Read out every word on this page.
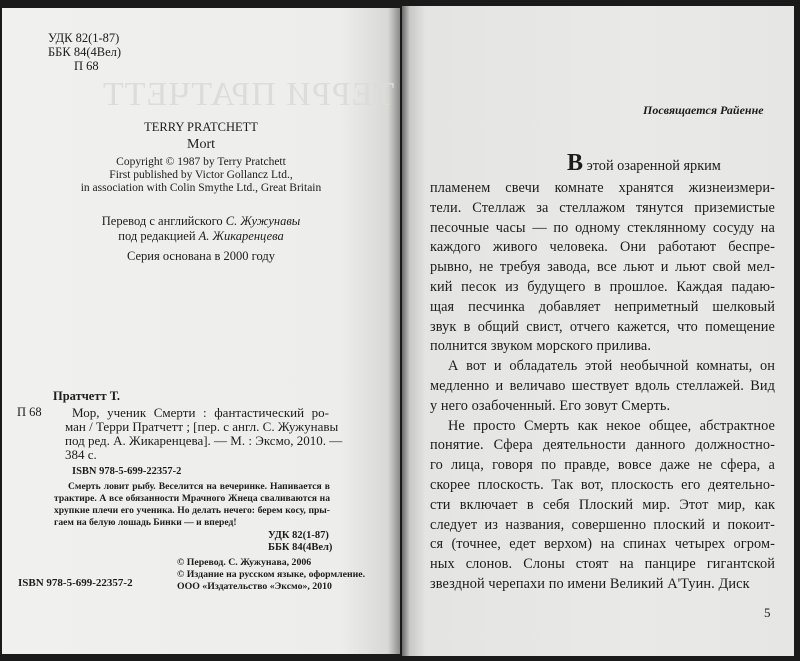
ТЕРРИ ПРАТЧЕТТ
УДК 82(1-87)
ББК 84(4Вел)
П 68
TERRY PRATCHETT
Mort
Copyright © 1987 by Terry Pratchett
First published by Victor Gollancz Ltd.,
in association with Colin Smythe Ltd., Great Britain
Перевод с английского С. Жужунавы
под редакцией А. Жикаренцева
Серия основана в 2000 году
Пратчетт Т.
П 68 Мор, ученик Смерти : фантастический ро-
ман / Терри Пратчетт ; [пер. с англ. С. Жужунавы
под ред. А. Жикаренцева]. — М. : Эксмо, 2010. —
384 с.
ISBN 978-5-699-22357-2
Смерть ловит рыбу. Веселится на вечеринке. Напивается в
трактире. А все обязанности Мрачного Жнеца сваливаются на
хрупкие плечи его ученика. Но делать нечего: берем косу, пры-
гаем на белую лошадь Бинки — и вперед!
УДК 82(1-87)
ББК 84(4Вел)
ISBN 978-5-699-22357-2
© Перевод. С. Жужунава, 2006
© Издание на русском языке, оформление.
ООО «Издательство «Эксмо», 2010
Посвящается Райенне
В этой озаренной ярким
пламенем свечи комнате хранятся жизнеизмери-
тели. Стеллаж за стеллажом тянутся приземистые
песочные часы — по одному стеклянному сосуду на
каждого живого человека. Они работают беспре-
рывно, не требуя завода, все льют и льют свой мел-
кий песок из будущего в прошлое. Каждая падаю-
щая песчинка добавляет неприметный шелковый
звук в общий свист, отчего кажется, что помещение
полнится звуком морского прилива.
А вот и обладатель этой необычной комнаты, он
медленно и величаво шествует вдоль стеллажей. Вид
у него озабоченный. Его зовут Смерть.
Не просто Смерть как некое общее, абстрактное
понятие. Сфера деятельности данного должностно-
го лица, говоря по правде, вовсе даже не сфера, а
скорее плоскость. Так вот, плоскость его деятельно-
сти включает в себя Плоский мир. Этот мир, как
следует из названия, совершенно плоский и покоит-
ся (точнее, едет верхом) на спинах четырех огром-
ных слонов. Слоны стоят на панцире гигантской
звездной черепахи по имени Великий А'Туин. Диск
5
